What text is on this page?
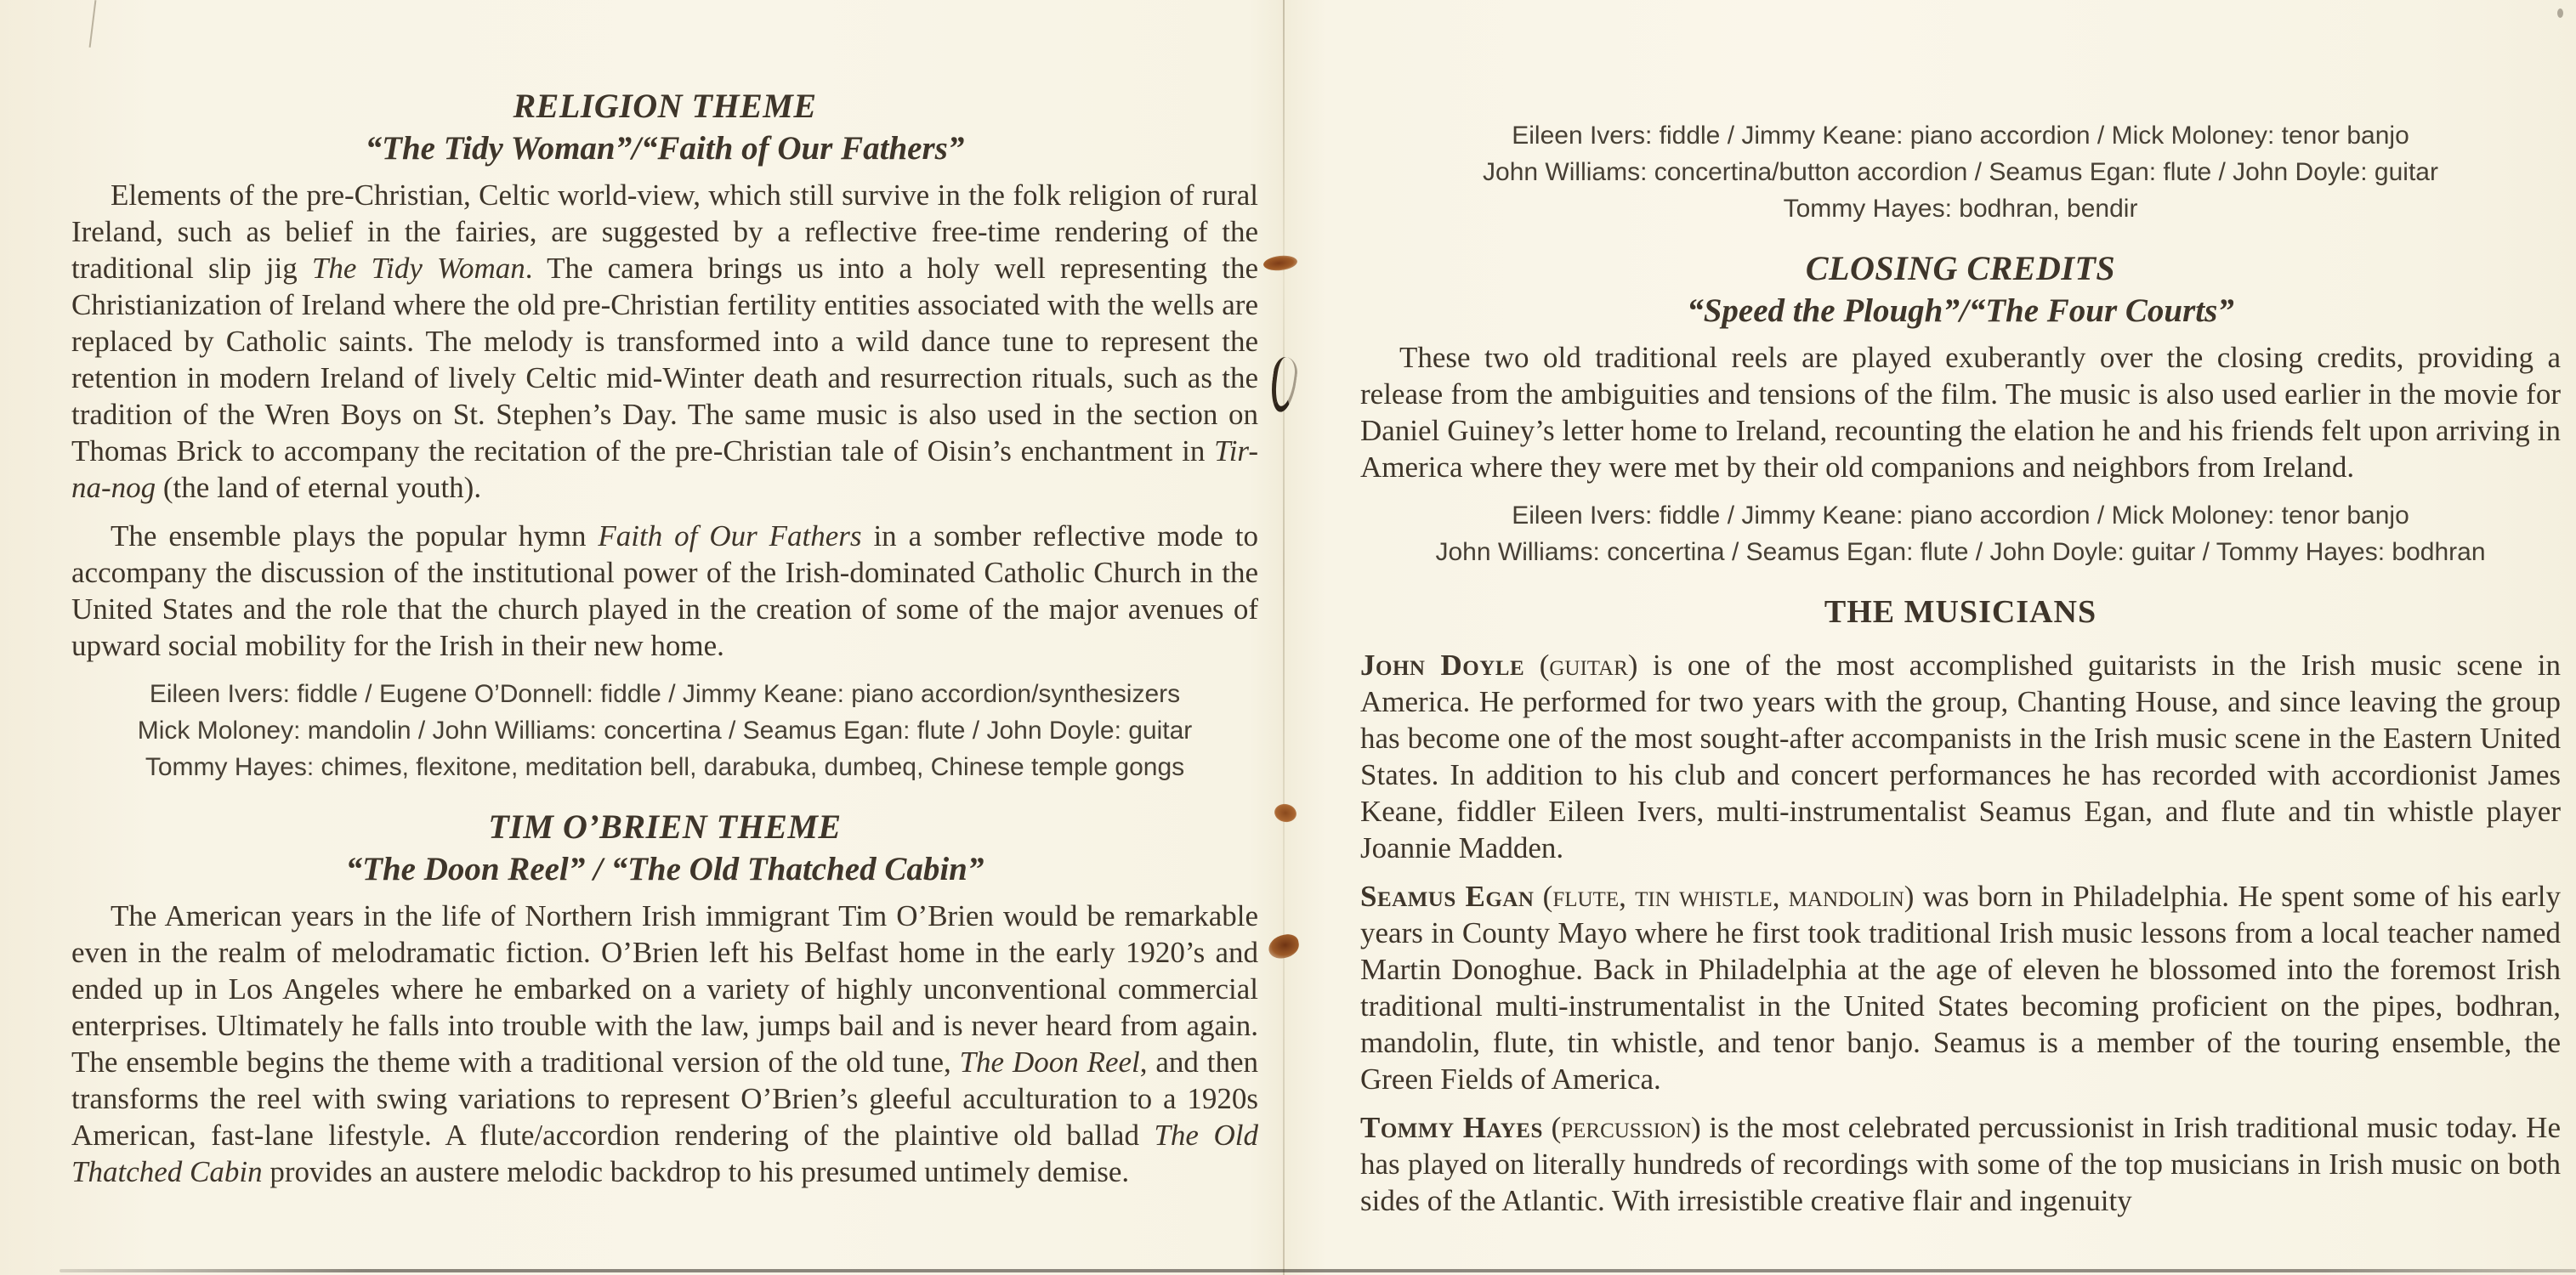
RELIGION THEME
“The Tidy Woman”/“Faith of Our Fathers”

Elements of the pre-Christian, Celtic world-view, which still survive in the folk religion of rural Ireland, such as belief in the fairies, are suggested by a reflective free-time rendering of the traditional slip jig The Tidy Woman. The camera brings us into a holy well representing the Christianization of Ireland where the old pre-Christian fertility entities associated with the wells are replaced by Catholic saints. The melody is transformed into a wild dance tune to represent the retention in modern Ireland of lively Celtic mid-Winter death and resurrection rituals, such as the tradition of the Wren Boys on St. Stephen’s Day. The same music is also used in the section on Thomas Brick to accompany the recitation of the pre-Christian tale of Oisin’s enchantment in Tir-na-nog (the land of eternal youth).

The ensemble plays the popular hymn Faith of Our Fathers in a somber reflective mode to accompany the discussion of the institutional power of the Irish-dominated Catholic Church in the United States and the role that the church played in the creation of some of the major avenues of upward social mobility for the Irish in their new home.

Eileen Ivers: fiddle / Eugene O’Donnell: fiddle / Jimmy Keane: piano accordion/synthesizers
Mick Moloney: mandolin / John Williams: concertina / Seamus Egan: flute / John Doyle: guitar
Tommy Hayes: chimes, flexitone, meditation bell, darabuka, dumbeq, Chinese temple gongs
TIM O’BRIEN THEME
“The Doon Reel” / “The Old Thatched Cabin”

The American years in the life of Northern Irish immigrant Tim O’Brien would be remarkable even in the realm of melodramatic fiction. O’Brien left his Belfast home in the early 1920’s and ended up in Los Angeles where he embarked on a variety of highly unconventional commercial enterprises. Ultimately he falls into trouble with the law, jumps bail and is never heard from again. The ensemble begins the theme with a traditional version of the old tune, The Doon Reel, and then transforms the reel with swing variations to represent O’Brien’s gleeful acculturation to a 1920s American, fast-lane lifestyle. A flute/accordion rendering of the plaintive old ballad The Old Thatched Cabin provides an austere melodic backdrop to his presumed untimely demise.

Eileen Ivers: fiddle / Jimmy Keane: piano accordion / Mick Moloney: tenor banjo
John Williams: concertina/button accordion / Seamus Egan: flute / John Doyle: guitar
Tommy Hayes: bodhran, bendir
CLOSING CREDITS
“Speed the Plough”/“The Four Courts”

These two old traditional reels are played exuberantly over the closing credits, providing a release from the ambiguities and tensions of the film. The music is also used earlier in the movie for Daniel Guiney’s letter home to Ireland, recounting the elation he and his friends felt upon arriving in America where they were met by their old companions and neighbors from Ireland.

Eileen Ivers: fiddle / Jimmy Keane: piano accordion / Mick Moloney: tenor banjo
John Williams: concertina / Seamus Egan: flute / John Doyle: guitar / Tommy Hayes: bodhran
THE MUSICIANS

John Doyle (guitar) is one of the most accomplished guitarists in the Irish music scene in America. He performed for two years with the group, Chanting House, and since leaving the group has become one of the most sought-after accompanists in the Irish music scene in the Eastern United States. In addition to his club and concert performances he has recorded with accordionist James Keane, fiddler Eileen Ivers, multi-instrumentalist Seamus Egan, and flute and tin whistle player Joannie Madden.

Seamus Egan (flute, tin whistle, mandolin) was born in Philadelphia. He spent some of his early years in County Mayo where he first took traditional Irish music lessons from a local teacher named Martin Donoghue. Back in Philadelphia at the age of eleven he blossomed into the foremost Irish traditional multi-instrumentalist in the United States becoming proficient on the pipes, bodhran, mandolin, flute, tin whistle, and tenor banjo. Seamus is a member of the touring ensemble, the Green Fields of America.

Tommy Hayes (percussion) is the most celebrated percussionist in Irish traditional music today. He has played on literally hundreds of recordings with some of the top musicians in Irish music on both sides of the Atlantic. With irresistible creative flair and ingenuity
